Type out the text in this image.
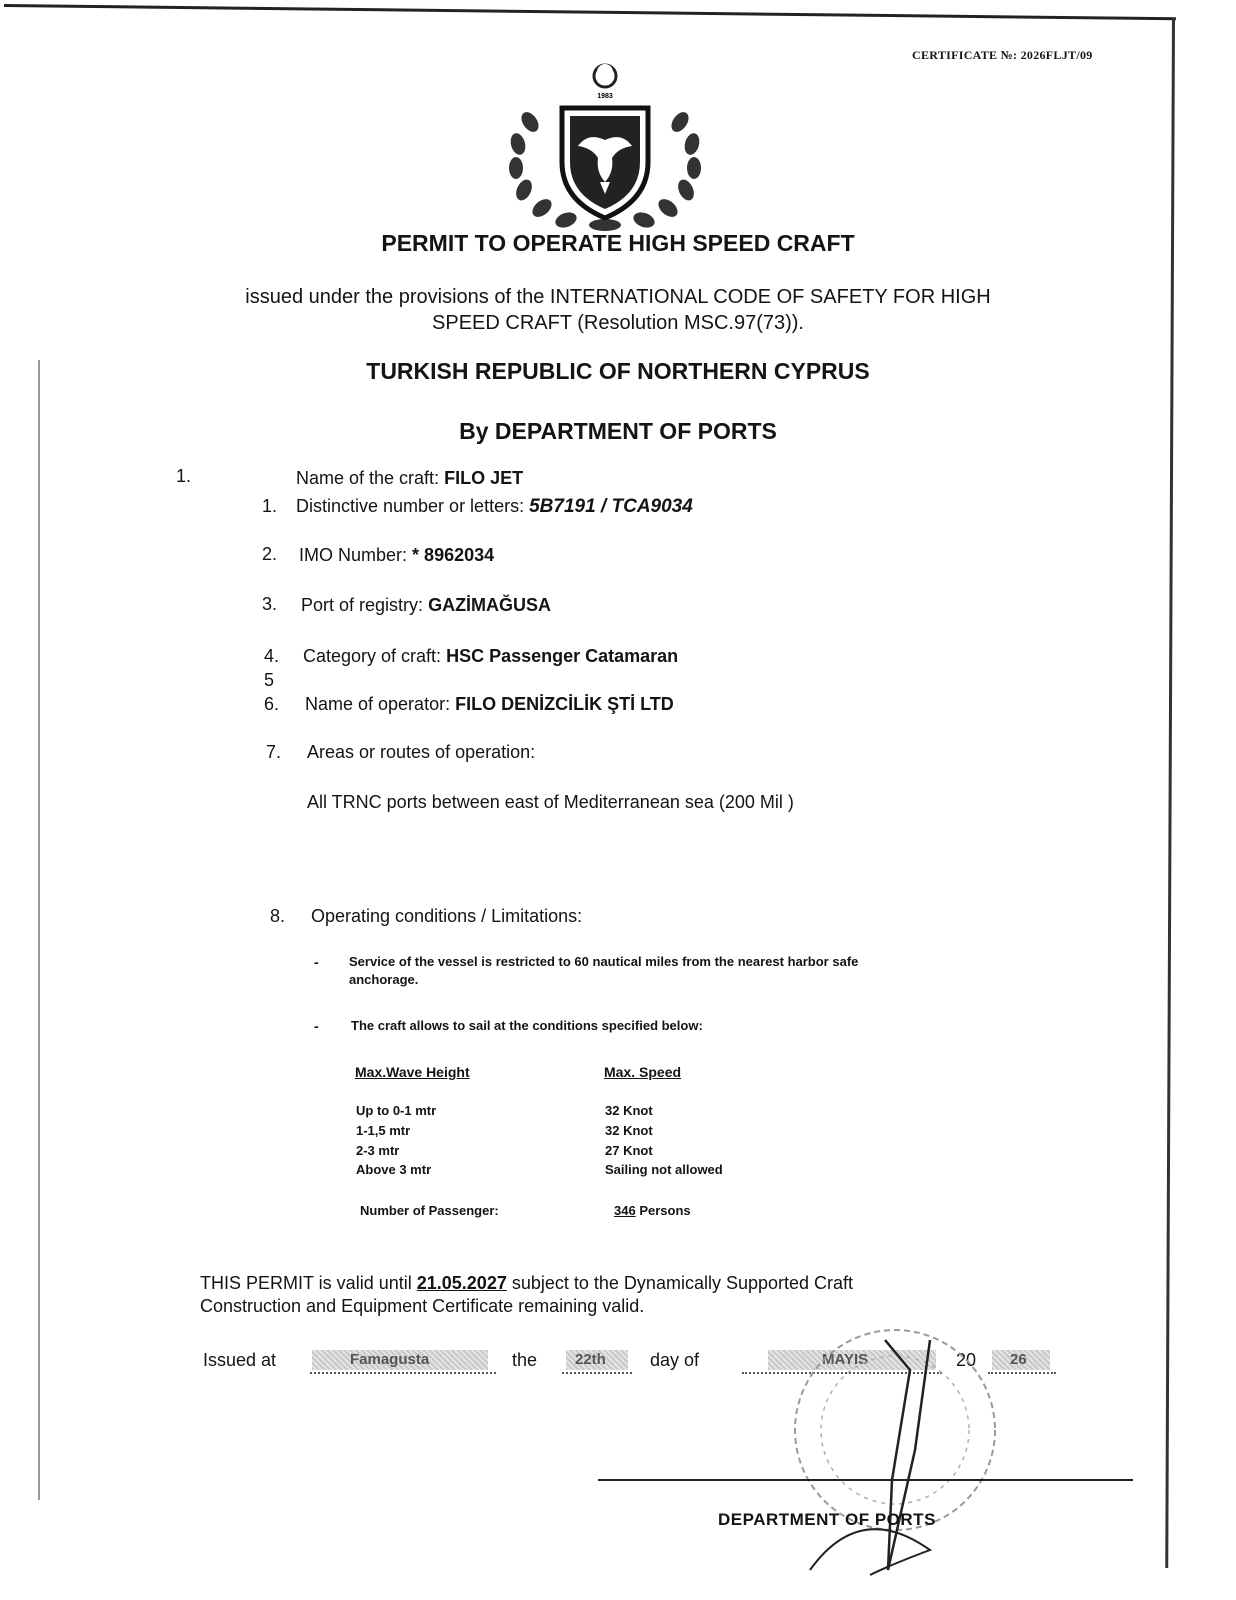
CERTIFICATE №: 2026FLJT/09
1983
PERMIT TO OPERATE HIGH SPEED CRAFT
issued under the provisions of the INTERNATIONAL CODE OF SAFETY FOR HIGH
SPEED CRAFT (Resolution MSC.97(73)).
TURKISH REPUBLIC OF NORTHERN CYPRUS
By DEPARTMENT OF PORTS
1.	Name of the craft: FILO JET
1. Distinctive number or letters: 5B7191 / TCA9034
2. IMO Number: * 8962034
3. Port of registry: GAZİMAĞUSA
4. Category of craft: HSC Passenger Catamaran
5
6. Name of operator: FILO DENİZCİLİK ŞTİ LTD
7. Areas or routes of operation:
All TRNC ports between east of Mediterranean sea (200 Mil )
8. Operating conditions / Limitations:
- Service of the vessel is restricted to 60 nautical miles from the nearest harbor safe
anchorage.
- The craft allows to sail at the conditions specified below:
Max.Wave Height	Max. Speed
Up to 0-1 mtr	32 Knot
1-1,5 mtr	32 Knot
2-3 mtr	27 Knot
Above 3 mtr	Sailing not allowed
Number of Passenger:	346 Persons
THIS PERMIT is valid until 21.05.2027 subject to the Dynamically Supported Craft
Construction and Equipment Certificate remaining valid.
Issued at	Famagusta	the	22th day of	MAYIS	20 26
DEPARTMENT OF PORTS
